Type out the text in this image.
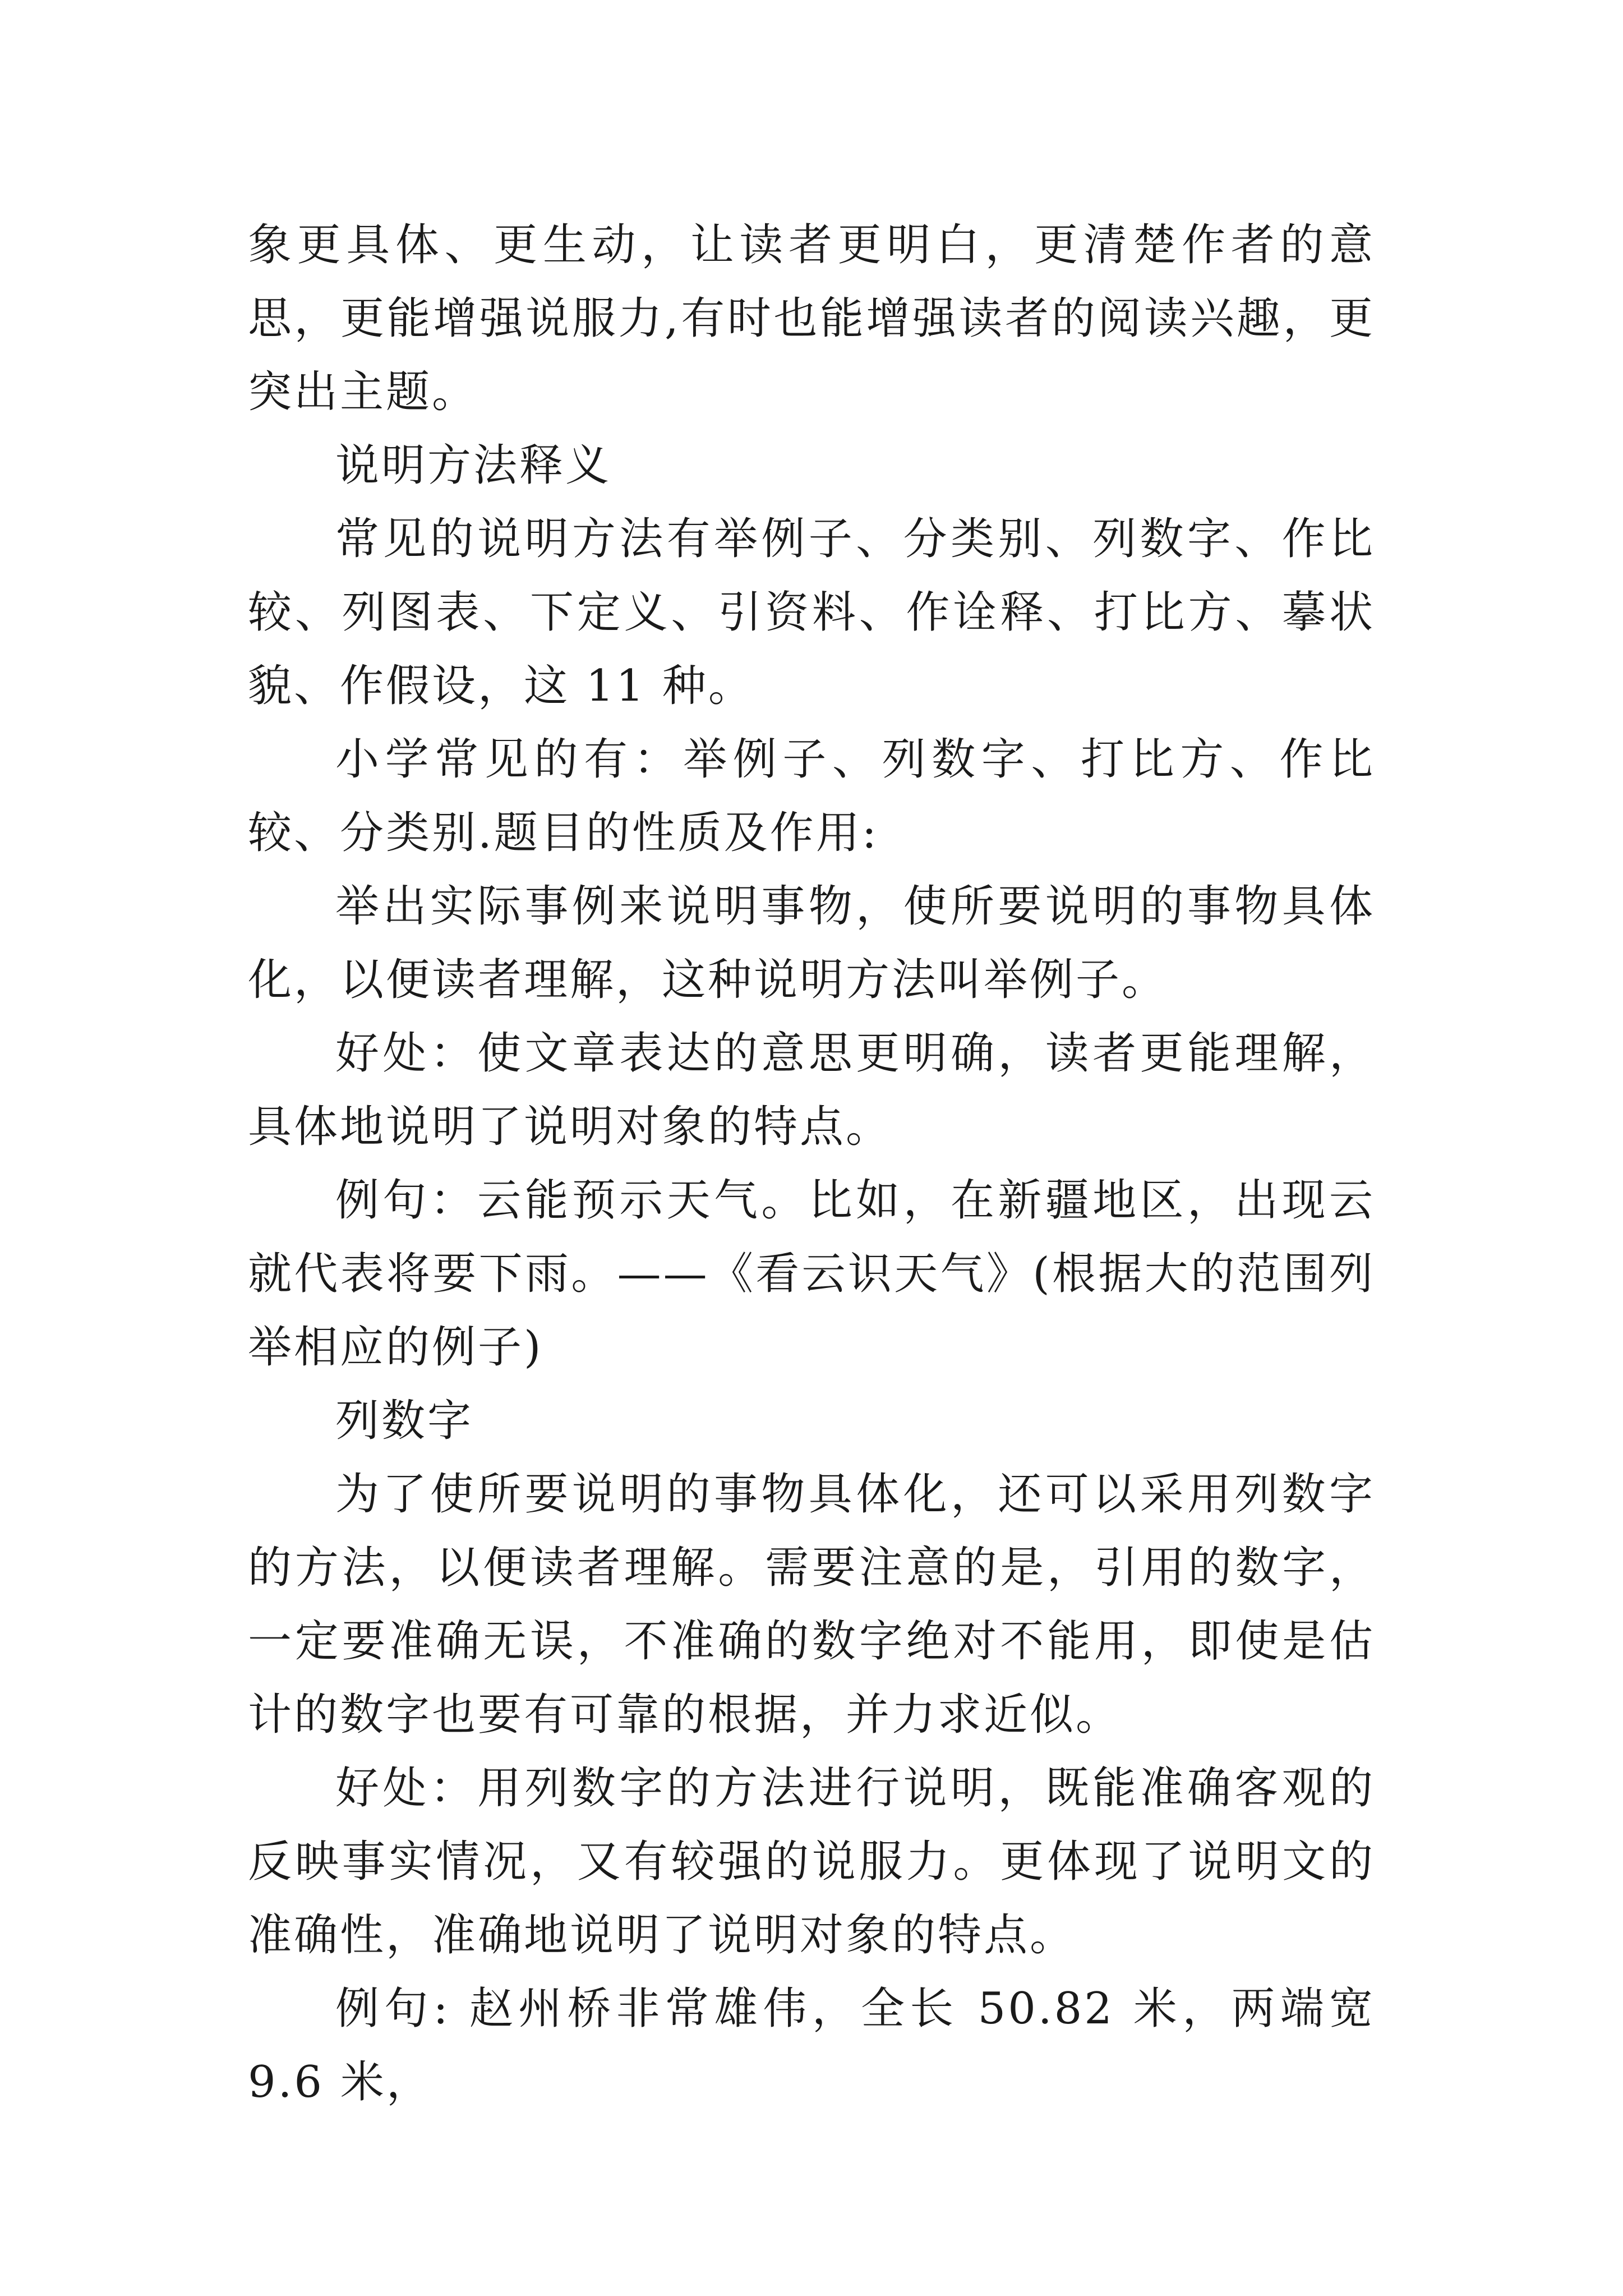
象更具体、更生动，让读者更明白，更清楚作者的意思，更能增强说服力,有时也能增强读者的阅读兴趣，更突出主题。

说明方法释义

常见的说明方法有举例子、分类别、列数字、作比较、列图表、下定义、引资料、作诠释、打比方、摹状貌、作假设，这 11 种。

小学常见的有：举例子、列数字、打比方、作比较、分类别.题目的性质及作用:

举出实际事例来说明事物，使所要说明的事物具体化，以便读者理解，这种说明方法叫举例子。

好处：使文章表达的意思更明确，读者更能理解，具体地说明了说明对象的特点。

例句：云能预示天气。比如，在新疆地区，出现云就代表将要下雨。——《看云识天气》(根据大的范围列举相应的例子)

列数字

为了使所要说明的事物具体化，还可以采用列数字的方法，以便读者理解。需要注意的是，引用的数字，一定要准确无误，不准确的数字绝对不能用，即使是估计的数字也要有可靠的根据，并力求近似。

好处：用列数字的方法进行说明，既能准确客观的反映事实情况，又有较强的说服力。更体现了说明文的准确性，准确地说明了说明对象的特点。

例句: 赵州桥非常雄伟，全长 50.82 米，两端宽 9.6 米，
